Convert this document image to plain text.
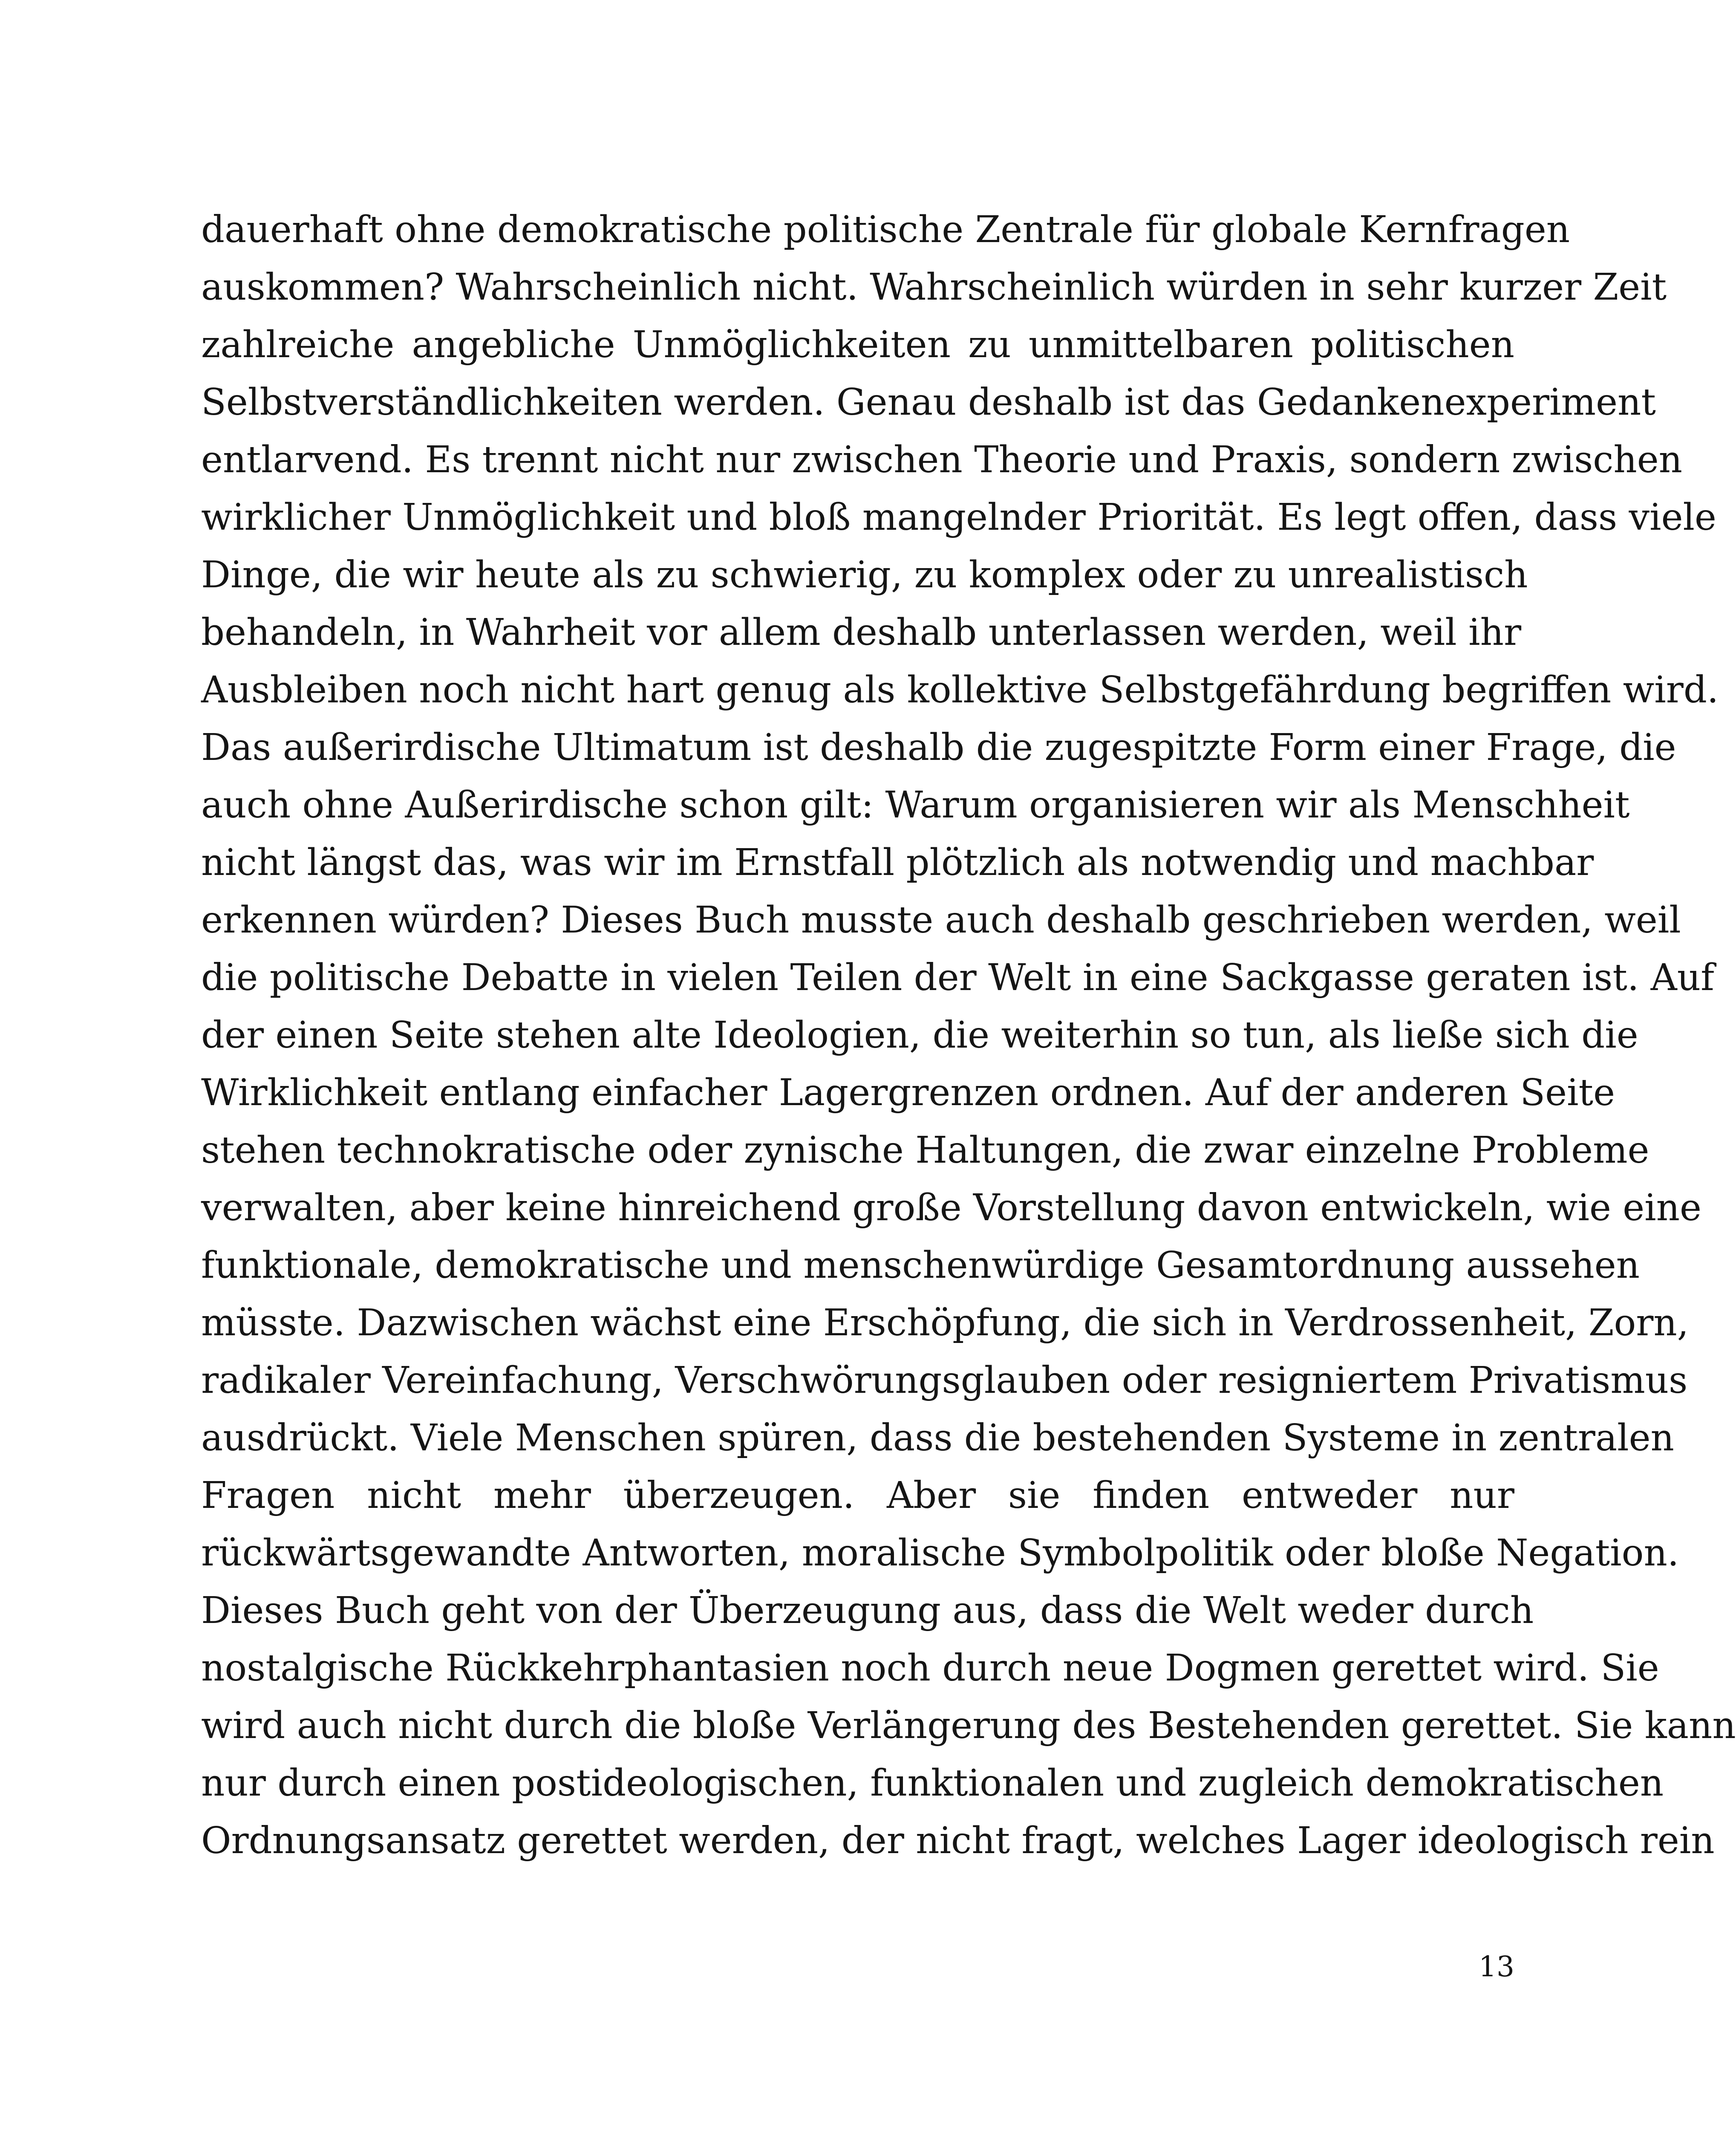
dauerhaft ohne demokratische politische Zentrale für globale Kernfragen
auskommen? Wahrscheinlich nicht. Wahrscheinlich würden in sehr kurzer Zeit
zahlreiche angebliche Unmöglichkeiten zu unmittelbaren politischen
Selbstverständlichkeiten werden. Genau deshalb ist das Gedankenexperiment
entlarvend. Es trennt nicht nur zwischen Theorie und Praxis, sondern zwischen
wirklicher Unmöglichkeit und bloß mangelnder Priorität. Es legt offen, dass viele
Dinge, die wir heute als zu schwierig, zu komplex oder zu unrealistisch
behandeln, in Wahrheit vor allem deshalb unterlassen werden, weil ihr
Ausbleiben noch nicht hart genug als kollektive Selbstgefährdung begriffen wird.
Das außerirdische Ultimatum ist deshalb die zugespitzte Form einer Frage, die
auch ohne Außerirdische schon gilt: Warum organisieren wir als Menschheit
nicht längst das, was wir im Ernstfall plötzlich als notwendig und machbar
erkennen würden? Dieses Buch musste auch deshalb geschrieben werden, weil
die politische Debatte in vielen Teilen der Welt in eine Sackgasse geraten ist. Auf
der einen Seite stehen alte Ideologien, die weiterhin so tun, als ließe sich die
Wirklichkeit entlang einfacher Lagergrenzen ordnen. Auf der anderen Seite
stehen technokratische oder zynische Haltungen, die zwar einzelne Probleme
verwalten, aber keine hinreichend große Vorstellung davon entwickeln, wie eine
funktionale, demokratische und menschenwürdige Gesamtordnung aussehen
müsste. Dazwischen wächst eine Erschöpfung, die sich in Verdrossenheit, Zorn,
radikaler Vereinfachung, Verschwörungsglauben oder resigniertem Privatismus
ausdrückt. Viele Menschen spüren, dass die bestehenden Systeme in zentralen
Fragen nicht mehr überzeugen. Aber sie finden entweder nur
rückwärtsgewandte Antworten, moralische Symbolpolitik oder bloße Negation.
Dieses Buch geht von der Überzeugung aus, dass die Welt weder durch
nostalgische Rückkehrphantasien noch durch neue Dogmen gerettet wird. Sie
wird auch nicht durch die bloße Verlängerung des Bestehenden gerettet. Sie kann
nur durch einen postideologischen, funktionalen und zugleich demokratischen
Ordnungsansatz gerettet werden, der nicht fragt, welches Lager ideologisch rein
13
